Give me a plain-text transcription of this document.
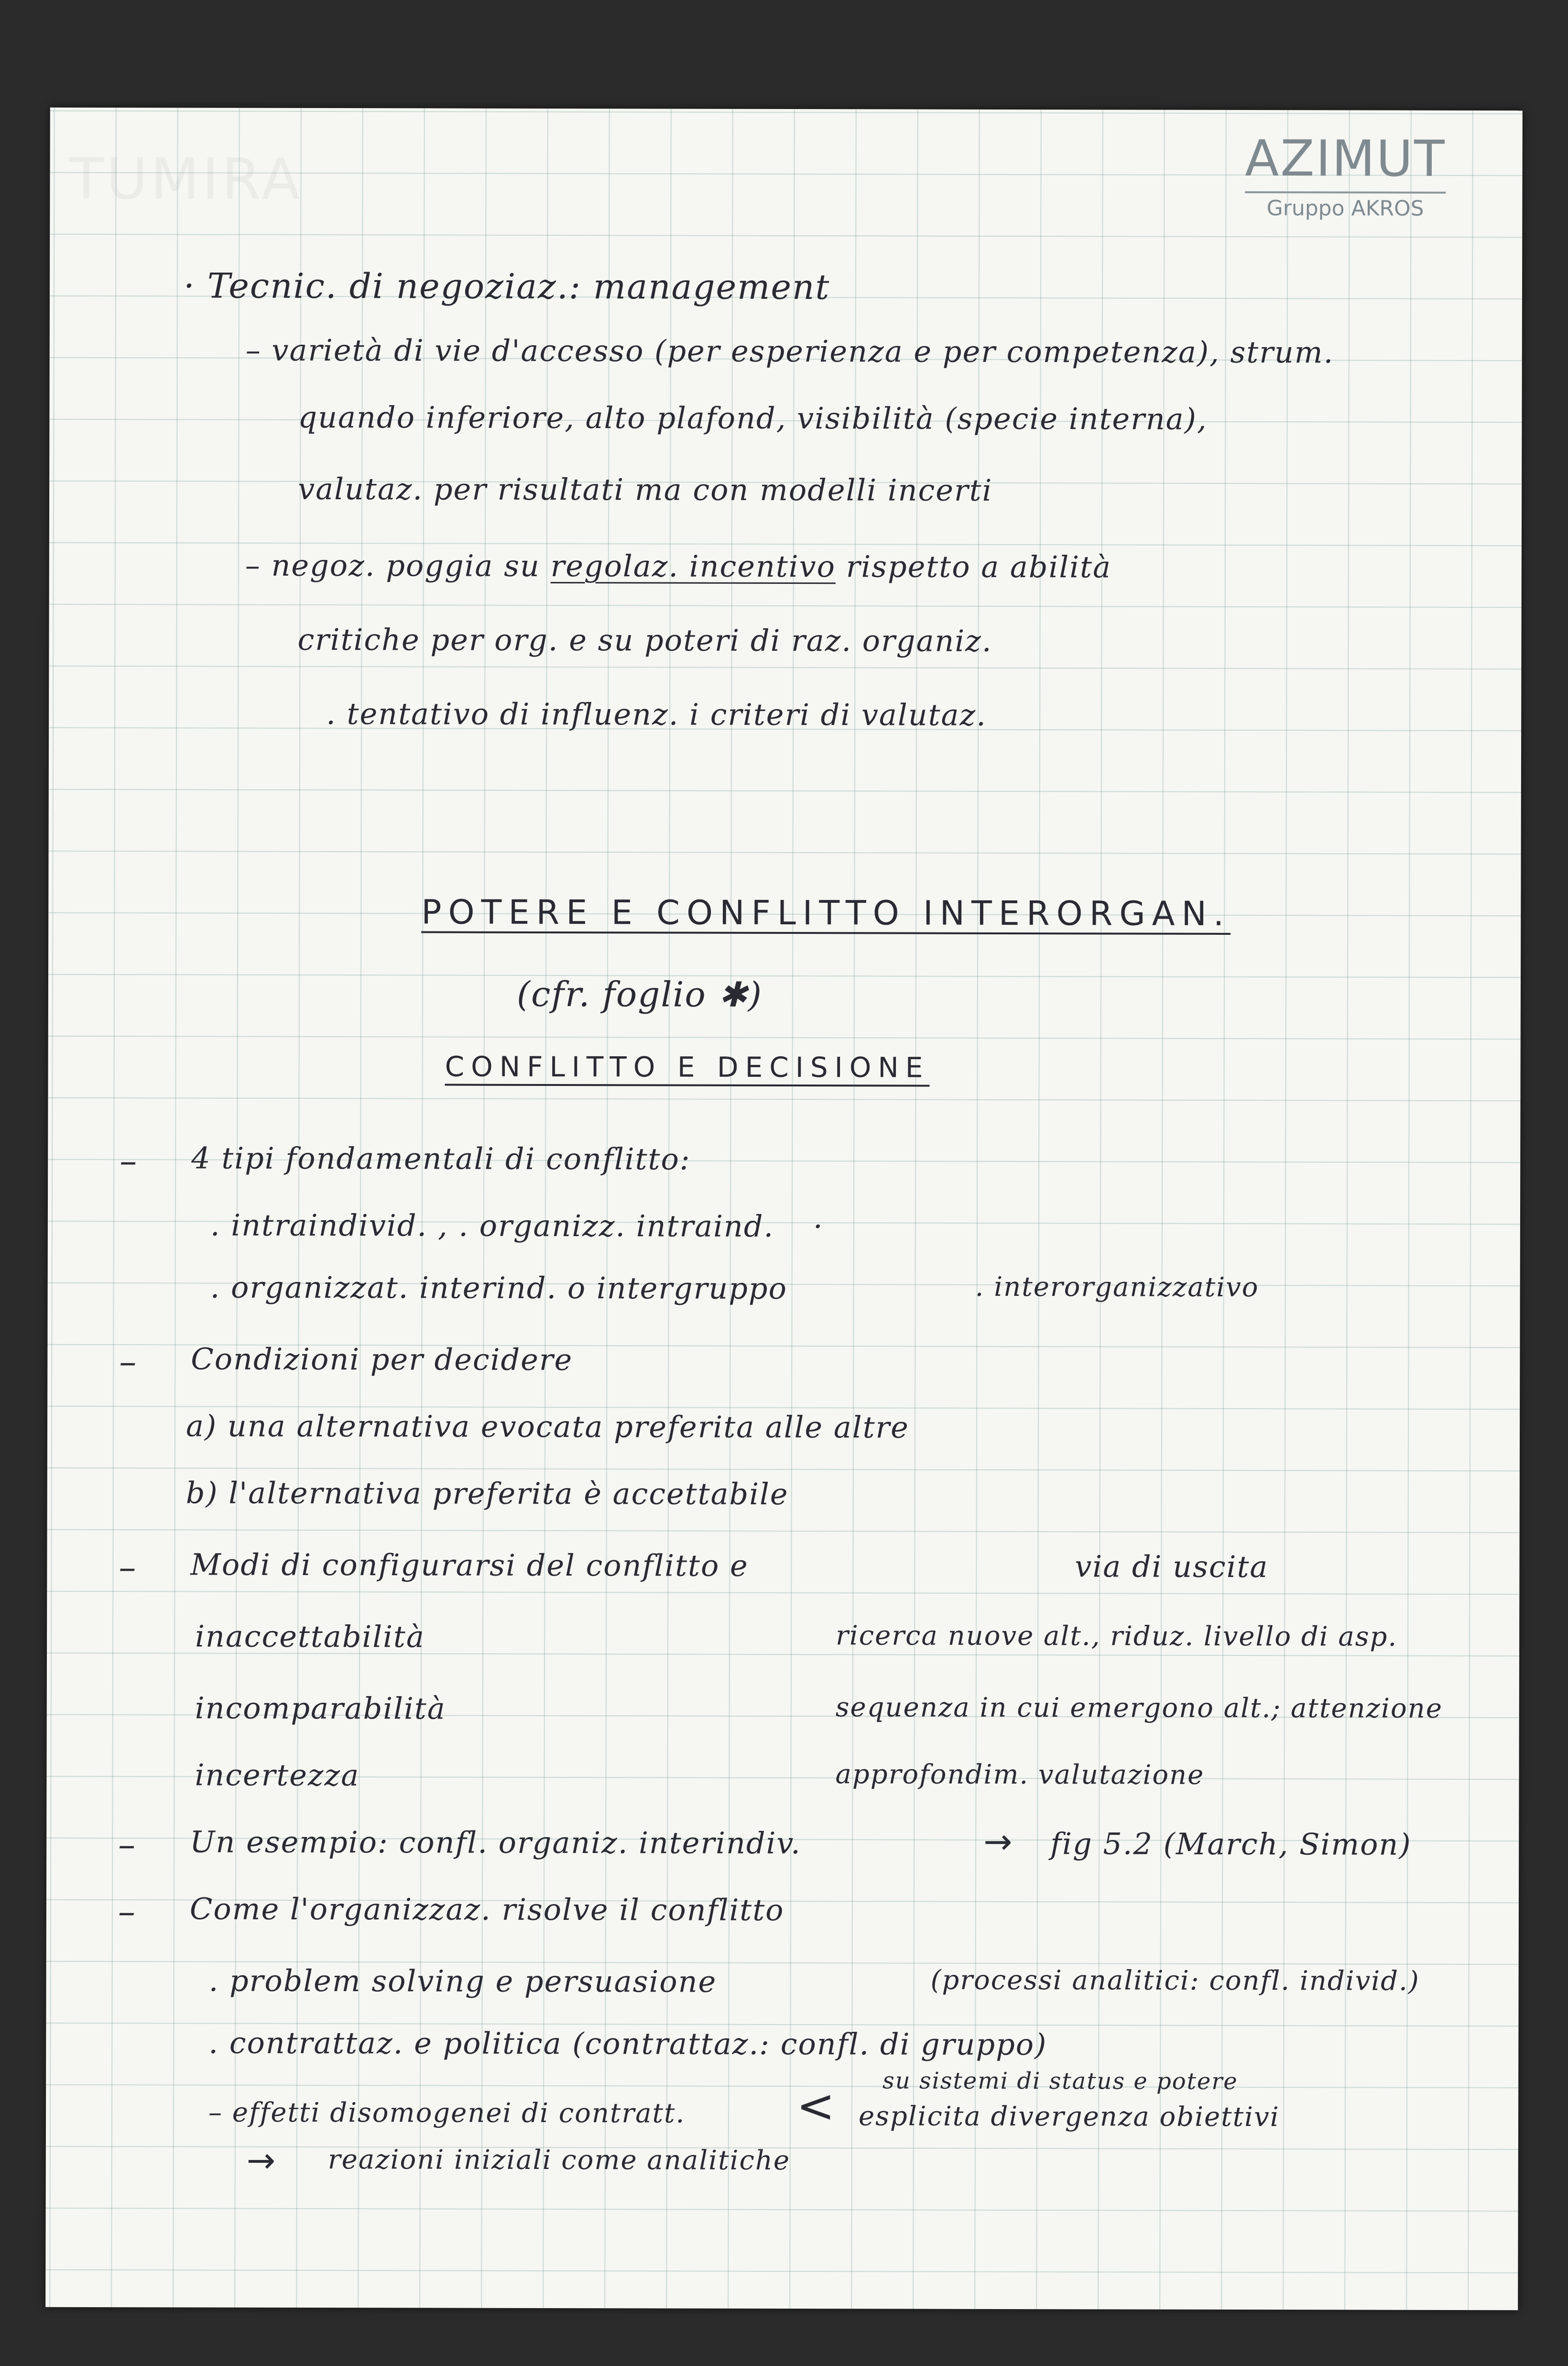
TUMIRA	AZIMUT
Gruppo AKROS
· Tecnic. di negoziaz.: management
– varietà di vie d'accesso (per esperienza e per competenza), strum.
quando inferiore, alto plafond, visibilità (specie interna),
valutaz. per risultati ma con modelli incerti
– negoz. poggia su regolaz. incentivo rispetto a abilità
critiche per org. e su poteri di raz. organiz.
. tentativo di influenz. i criteri di valutaz.
POTERE E CONFLITTO INTERORGAN.
(cfr. foglio ✱)
CONFLITTO E DECISIONE
– 4 tipi fondamentali di conflitto:
. intraindivid. , . organizz. intraind. ·
. organizzat. interind. o intergruppo	. interorganizzativo
– Condizioni per decidere
a) una alternativa evocata preferita alle altre
b) l'alternativa preferita è accettabile
– Modi di configurarsi del conflitto e	via di uscita
inaccettabilità	ricerca nuove alt., riduz. livello di asp.
incomparabilità	sequenza in cui emergono alt.; attenzione
incertezza	approfondim. valutazione
– Un esempio: confl. organiz. interindiv.	→ fig 5.2 (March, Simon)
– Come l'organizzaz. risolve il conflitto
. problem solving e persuasione	(processi analitici: confl. individ.)
. contrattaz. e politica (contrattaz.: confl. di gruppo)
su sistemi di status e potere
– effetti disomogenei di contratt. < esplicita divergenza obiettivi
→ reazioni iniziali come analitiche
